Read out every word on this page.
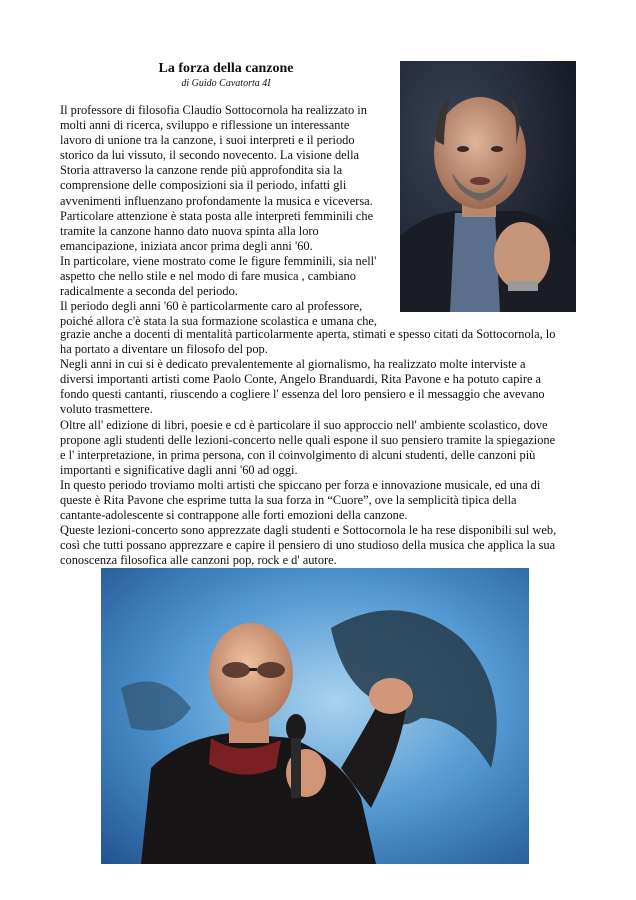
La forza della canzone
di Guido Cavatorta 4I
Il professore di filosofia Claudio Sottocornola ha realizzato in
molti anni di ricerca, sviluppo e riflessione un interessante
lavoro di unione tra la canzone, i suoi interpreti e il periodo
storico da lui vissuto, il secondo novecento. La visione della
Storia attraverso la canzone rende più approfondita sia la
comprensione delle composizioni sia il periodo, infatti gli
avvenimenti influenzano profondamente la musica e viceversa.
Particolare attenzione è stata posta alle interpreti femminili che
tramite la canzone hanno dato nuova spinta alla loro
emancipazione, iniziata ancor prima degli anni '60.
In particolare, viene mostrato come le figure femminili, sia nell'
aspetto che nello stile e nel modo di fare musica , cambiano
radicalmente a seconda del periodo.
Il periodo degli anni '60 è particolarmente caro al professore,
poiché allora c'è stata la sua formazione scolastica e umana che,
grazie anche a docenti di mentalità particolarmente aperta, stimati e spesso citati da Sottocornola, lo
ha portato a diventare un filosofo del pop.
Negli anni in cui si è dedicato prevalentemente al giornalismo, ha realizzato molte interviste a
diversi importanti artisti come Paolo Conte, Angelo Branduardi, Rita Pavone e ha potuto capire a
fondo questi cantanti, riuscendo a cogliere l' essenza del loro pensiero e il messaggio che avevano
voluto trasmettere.
Oltre all' edizione di libri, poesie e cd è particolare il suo approccio nell' ambiente scolastico, dove
propone agli studenti delle lezioni-concerto nelle quali espone il suo pensiero tramite la spiegazione
e l' interpretazione, in prima persona, con il coinvolgimento di alcuni studenti, delle canzoni più
importanti e significative dagli anni '60 ad oggi.
In questo periodo troviamo molti artisti che spiccano per forza e innovazione musicale, ed una di
queste è Rita Pavone che esprime tutta la sua forza in “Cuore”, ove la semplicità tipica della
cantante-adolescente si contrappone alle forti emozioni della canzone.
Queste lezioni-concerto sono apprezzate dagli studenti e Sottocornola le ha rese disponibili sul web,
così che tutti possano apprezzare e capire il pensiero di uno studioso della musica che applica la sua
conoscenza filosofica alle canzoni pop, rock e d' autore.
